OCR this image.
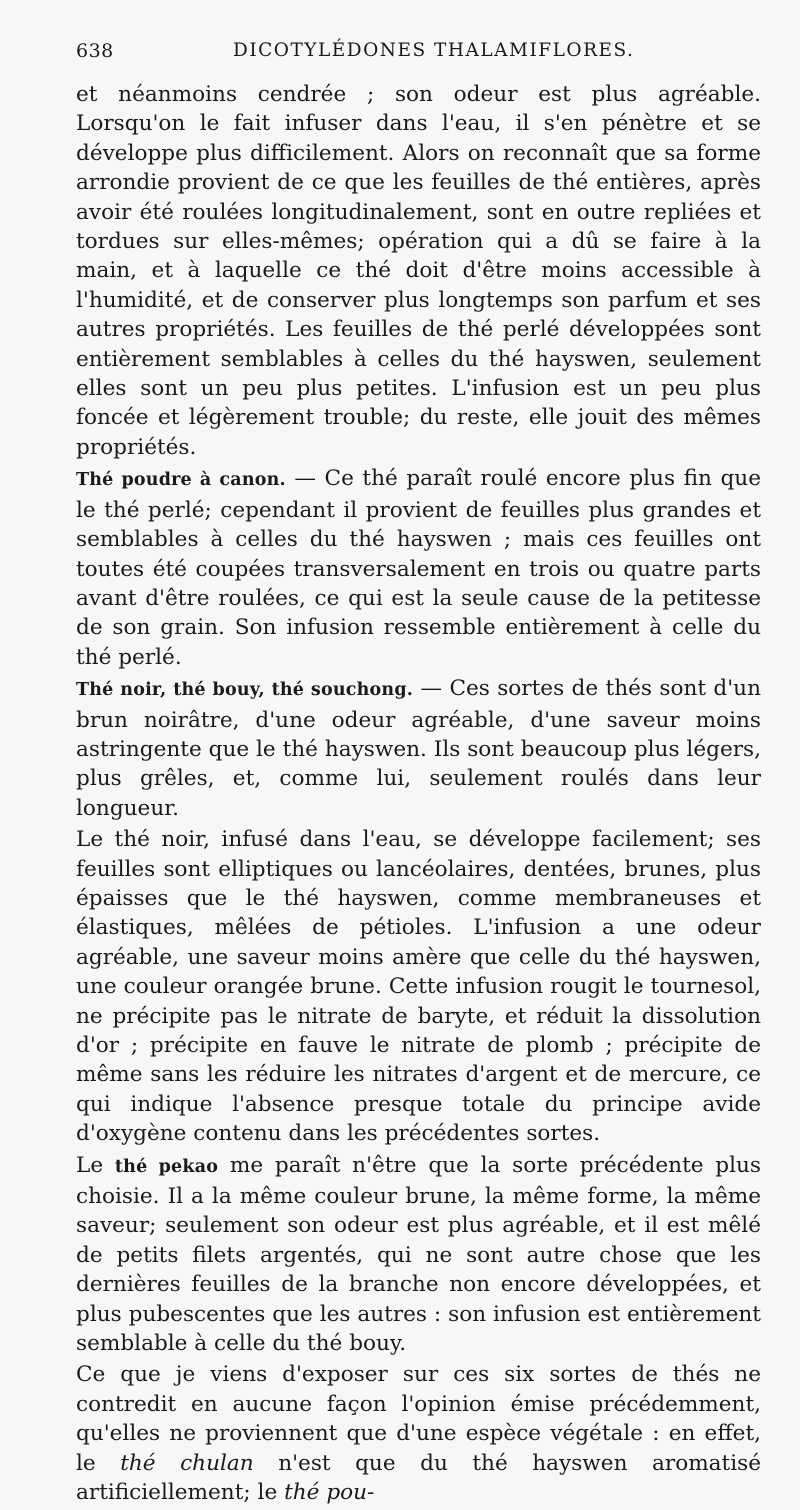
638	DICOTYLÉDONES THALAMIFLORES.

et néanmoins cendrée ; son odeur est plus agréable. Lorsqu'on le fait infuser dans l'eau, il s'en pénètre et se développe plus difficilement. Alors on reconnaît que sa forme arrondie provient de ce que les feuilles de thé entières, après avoir été roulées longitudinalement, sont en outre repliées et tordues sur elles-mêmes; opération qui a dû se faire à la main, et à laquelle ce thé doit d'être moins accessible à l'humidité, et de conserver plus longtemps son parfum et ses autres propriétés. Les feuilles de thé perlé développées sont entièrement semblables à celles du thé hayswen, seulement elles sont un peu plus petites. L'infusion est un peu plus foncée et légèrement trouble; du reste, elle jouit des mêmes propriétés.

Thé poudre à canon. — Ce thé paraît roulé encore plus fin que le thé perlé; cependant il provient de feuilles plus grandes et semblables à celles du thé hayswen ; mais ces feuilles ont toutes été coupées transversalement en trois ou quatre parts avant d'être roulées, ce qui est la seule cause de la petitesse de son grain. Son infusion ressemble entièrement à celle du thé perlé.

Thé noir, thé bouy, thé souchong. — Ces sortes de thés sont d'un brun noirâtre, d'une odeur agréable, d'une saveur moins astringente que le thé hayswen. Ils sont beaucoup plus légers, plus grêles, et, comme lui, seulement roulés dans leur longueur.

Le thé noir, infusé dans l'eau, se développe facilement; ses feuilles sont elliptiques ou lancéolaires, dentées, brunes, plus épaisses que le thé hayswen, comme membraneuses et élastiques, mêlées de pétioles. L'infusion a une odeur agréable, une saveur moins amère que celle du thé hayswen, une couleur orangée brune. Cette infusion rougit le tournesol, ne précipite pas le nitrate de baryte, et réduit la dissolution d'or ; précipite en fauve le nitrate de plomb ; précipite de même sans les réduire les nitrates d'argent et de mercure, ce qui indique l'absence presque totale du principe avide d'oxygène contenu dans les précédentes sortes.

Le thé pekao me paraît n'être que la sorte précédente plus choisie. Il a la même couleur brune, la même forme, la même saveur; seulement son odeur est plus agréable, et il est mêlé de petits filets argentés, qui ne sont autre chose que les dernières feuilles de la branche non encore développées, et plus pubescentes que les autres : son infusion est entièrement semblable à celle du thé bouy.

Ce que je viens d'exposer sur ces six sortes de thés ne contredit en aucune façon l'opinion émise précédemment, qu'elles ne proviennent que d'une espèce végétale : en effet, le thé chulan n'est que du thé hayswen aromatisé artificiellement; le thé pou-
